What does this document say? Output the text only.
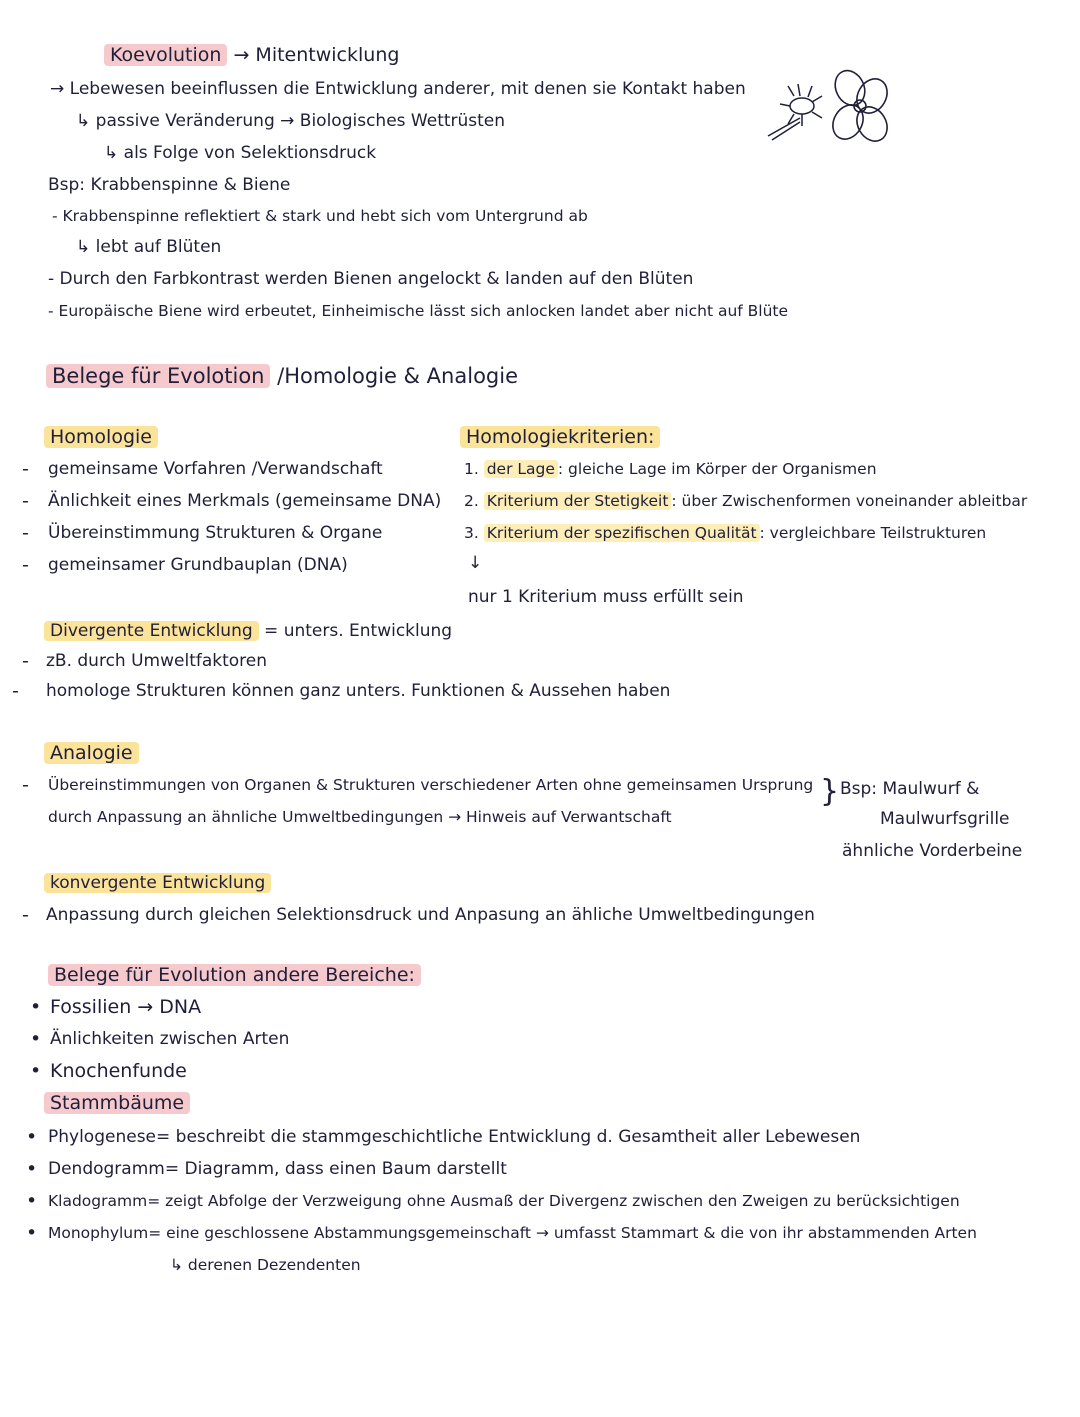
Koevolution → Mitentwicklung
→ Lebewesen beeinflussen die Entwicklung anderer, mit denen sie Kontakt haben
↳ passive Veränderung → Biologisches Wettrüsten
↳ als Folge von Selektionsdruck
Bsp: Krabbenspinne & Biene
- Krabbenspinne reflektiert & stark und hebt sich vom Untergrund ab
↳ lebt auf Blüten
- Durch den Farbkontrast werden Bienen angelockt & landen auf den Blüten
- Europäische Biene wird erbeutet, Einheimische lässt sich anlocken landet aber nicht auf Blüte
Belege für Evolotion /Homologie & Analogie
Homologie
- gemeinsame Vorfahren /Verwandschaft
- Änlichkeit eines Merkmals (gemeinsame DNA)
- Übereinstimmung Strukturen & Organe
- gemeinsamer Grundbauplan (DNA)
Homologiekriterien:
1. der Lage : gleiche Lage im Körper der Organismen
2. Kriterium der Stetigkeit : über Zwischenformen voneinander ableitbar
3. Kriterium der spezifischen Qualität : vergleichbare Teilstrukturen
↓
nur 1 Kriterium muss erfüllt sein
Divergente Entwicklung = unters. Entwicklung
- zB. durch Umweltfaktoren
- homologe Strukturen können ganz unters. Funktionen & Aussehen haben
Analogie
- Übereinstimmungen von Organen & Strukturen verschiedener Arten ohne gemeinsamen Ursprung
durch Anpassung an ähnliche Umweltbedingungen → Hinweis auf Verwantschaft
} Bsp: Maulwurf &
Maulwurfsgrille
ähnliche Vorderbeine
konvergente Entwicklung
- Anpassung durch gleichen Selektionsdruck und Anpasung an ähliche Umweltbedingungen
Belege für Evolution andere Bereiche:
• Fossilien → DNA
• Änlichkeiten zwischen Arten
• Knochenfunde
Stammbäume
• Phylogenese= beschreibt die stammgeschichtliche Entwicklung d. Gesamtheit aller Lebewesen
• Dendogramm= Diagramm, dass einen Baum darstellt
• Kladogramm= zeigt Abfolge der Verzweigung ohne Ausmaß der Divergenz zwischen den Zweigen zu berücksichtigen
• Monophylum= eine geschlossene Abstammungsgemeinschaft → umfasst Stammart & die von ihr abstammenden Arten
↳ derenen Dezendenten
